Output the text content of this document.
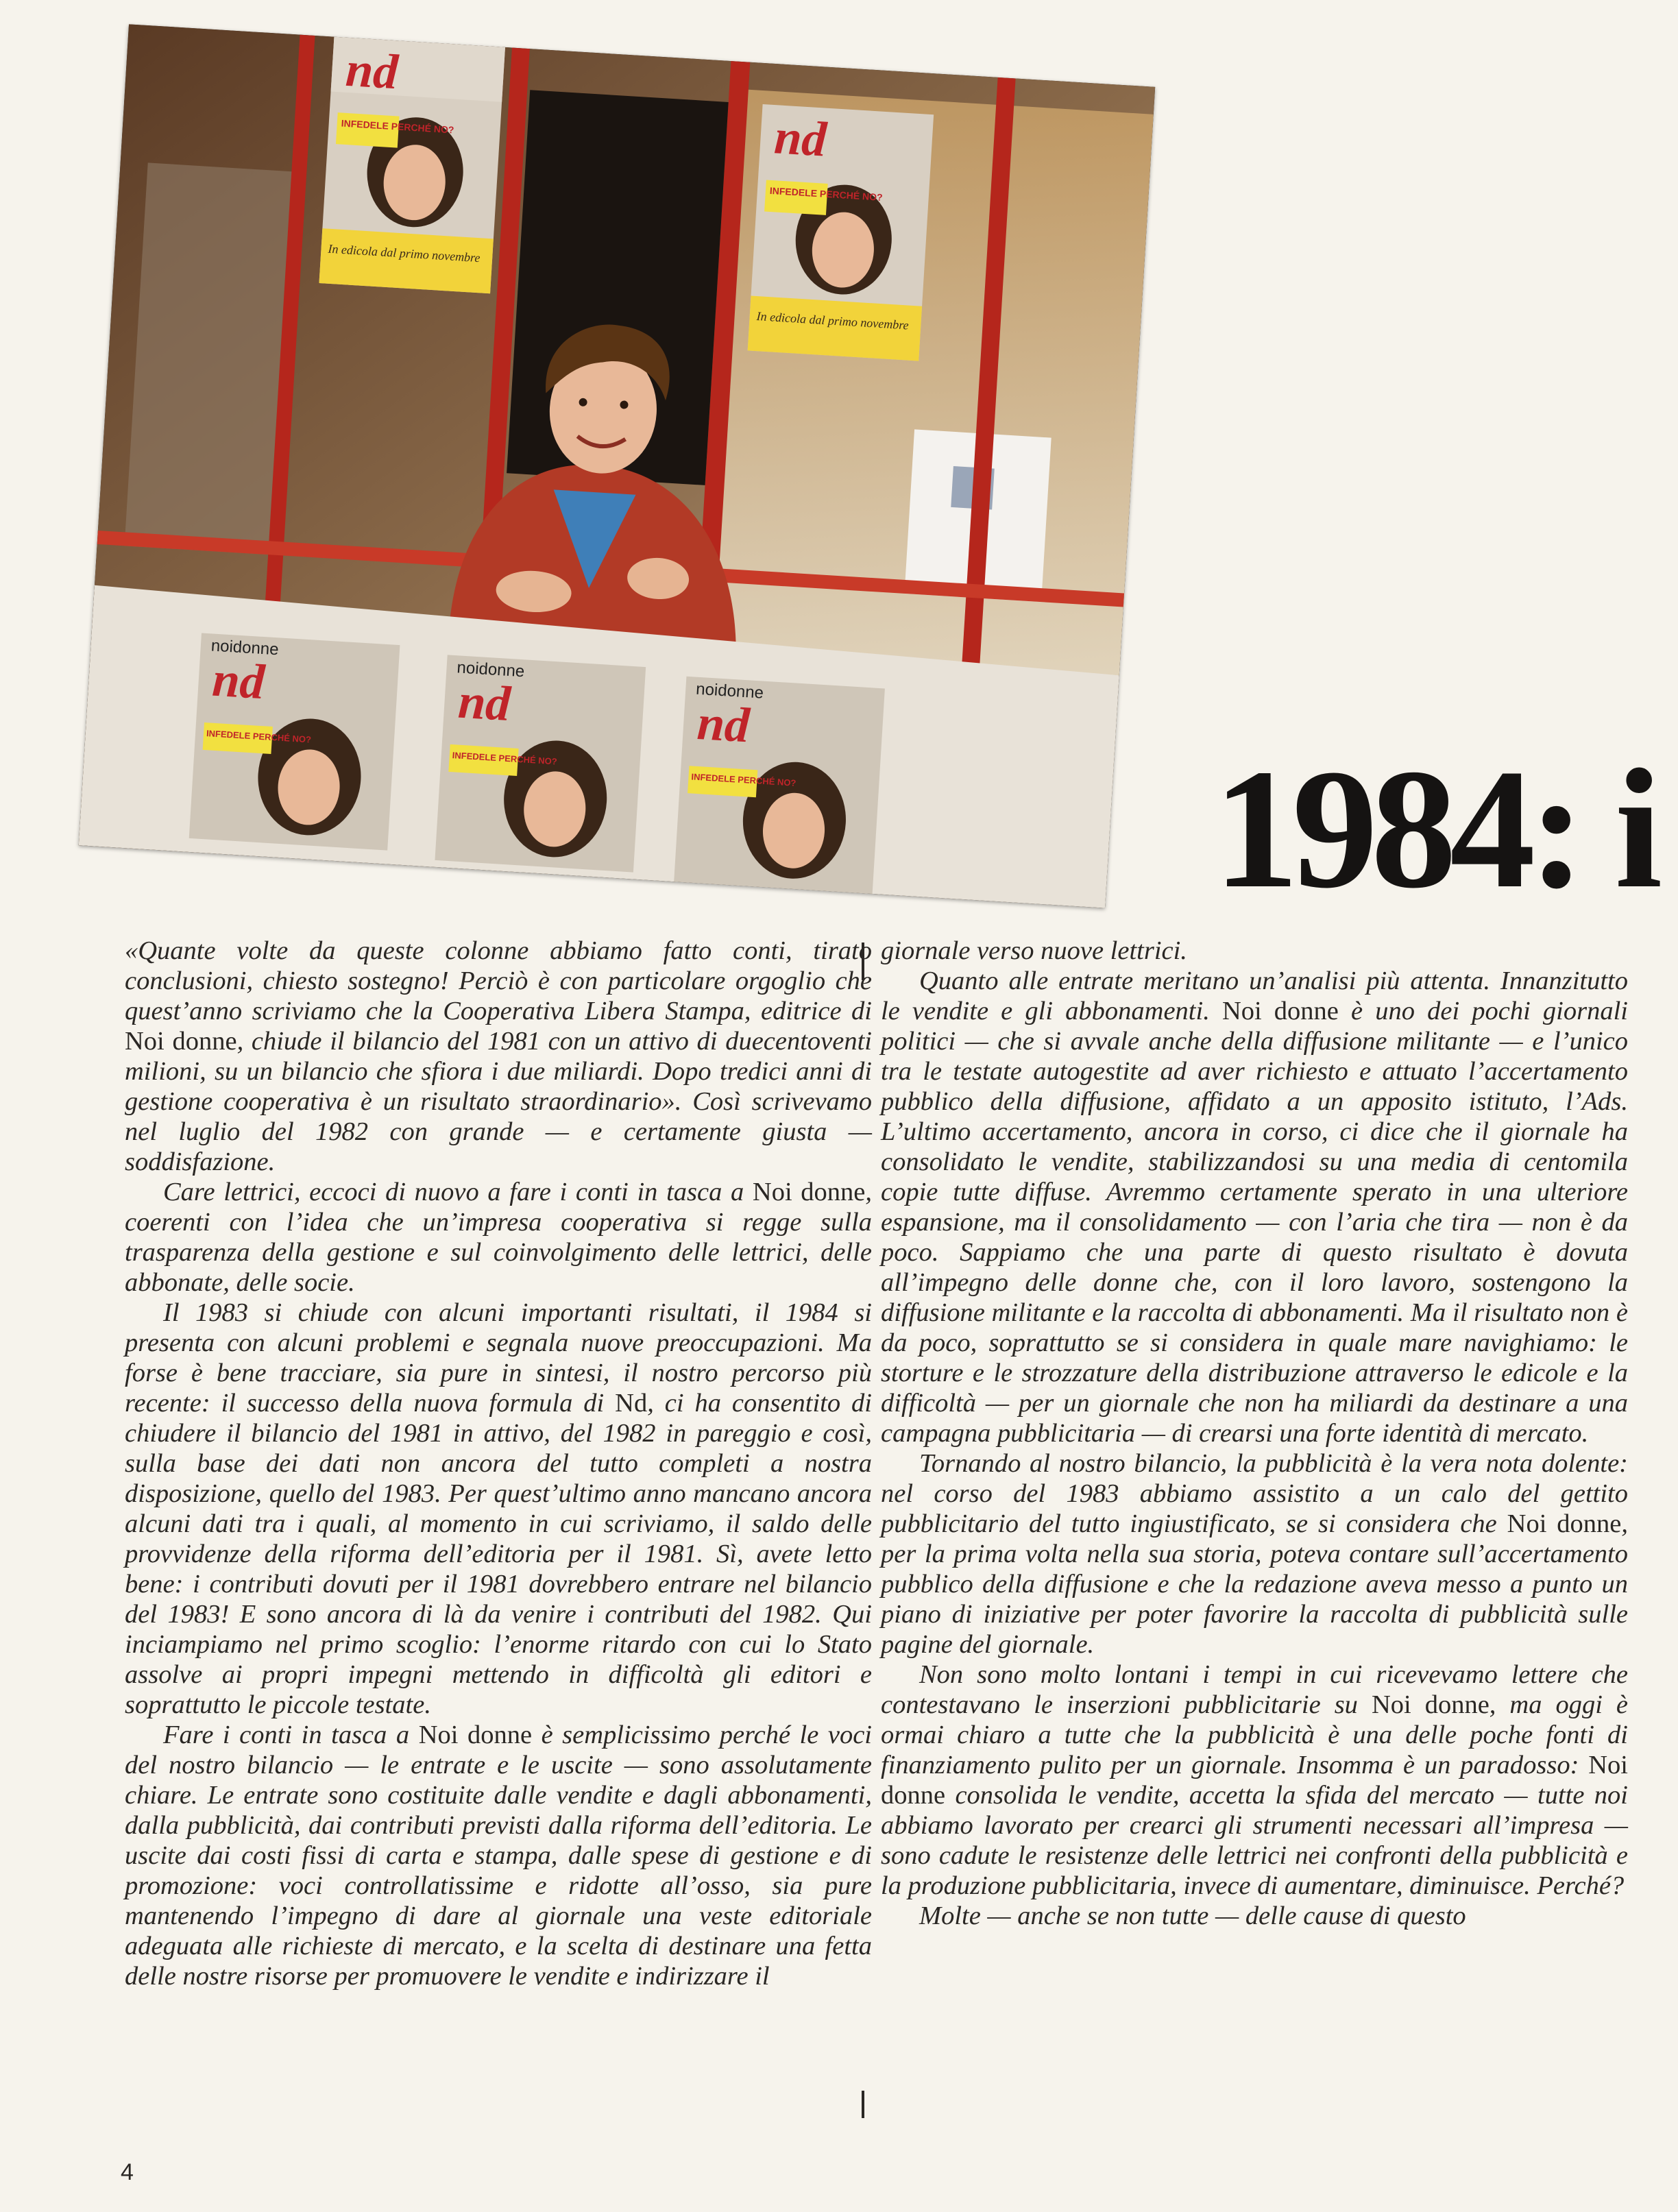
nd
In edicola dal primo novembre
INFEDELE PERCHÉ NO?	nd
In edicola dal primo novembre
INFEDELE PERCHÉ NO?
noidonne
nd
INFEDELE PERCHÉ NO?
noidonne
nd
INFEDELE PERCHÉ NO?
noidonne
nd
INFEDELE PERCHÉ NO? 1984: i

«Quante volte da queste colonne abbiamo fatto conti, tirato conclusioni, chiesto sostegno! Perciò è con particolare orgoglio che quest’anno scriviamo che la Cooperativa Libera Stampa, editrice di Noi donne, chiude il bilancio del 1981 con un attivo di duecentoventi milioni, su un bilancio che sfiora i due miliardi. Dopo tredici anni di gestione cooperativa è un risultato straordinario». Così scrivevamo nel luglio del 1982 con grande — e certamente giusta — soddisfazione.

Care lettrici, eccoci di nuovo a fare i conti in tasca a Noi donne, coerenti con l’idea che un’impresa cooperativa si regge sulla trasparenza della gestione e sul coinvolgimento delle lettrici, delle abbonate, delle socie.

Il 1983 si chiude con alcuni importanti risultati, il 1984 si presenta con alcuni problemi e segnala nuove preoccupazioni. Ma forse è bene tracciare, sia pure in sintesi, il nostro percorso più recente: il successo della nuova formula di Nd, ci ha consentito di chiudere il bilancio del 1981 in attivo, del 1982 in pareggio e così, sulla base dei dati non ancora del tutto completi a nostra disposizione, quello del 1983. Per quest’ultimo anno mancano ancora alcuni dati tra i quali, al momento in cui scriviamo, il saldo delle provvidenze della riforma dell’editoria per il 1981. Sì, avete letto bene: i contributi dovuti per il 1981 dovrebbero entrare nel bilancio del 1983! E sono ancora di là da venire i contributi del 1982. Qui inciampiamo nel primo scoglio: l’enorme ritardo con cui lo Stato assolve ai propri impegni mettendo in difficoltà gli editori e soprattutto le piccole testate.

Fare i conti in tasca a Noi donne è semplicissimo perché le voci del nostro bilancio — le entrate e le uscite — sono assolutamente chiare. Le entrate sono costituite dalle vendite e dagli abbonamenti, dalla pubblicità, dai contributi previsti dalla riforma dell’editoria. Le uscite dai costi fissi di carta e stampa, dalle spese di gestione e di promozione: voci controllatissime e ridotte all’osso, sia pure mantenendo l’impegno di dare al giornale una veste editoriale adeguata alle richieste di mercato, e la scelta di destinare una fetta delle nostre risorse per promuovere le vendite e indirizzare il

giornale verso nuove lettrici.

Quanto alle entrate meritano un’analisi più attenta. Innanzitutto le vendite e gli abbonamenti. Noi donne è uno dei pochi giornali politici — che si avvale anche della diffusione militante — e l’unico tra le testate autogestite ad aver richiesto e attuato l’accertamento pubblico della diffusione, affidato a un apposito istituto, l’Ads. L’ultimo accertamento, ancora in corso, ci dice che il giornale ha consolidato le vendite, stabilizzandosi su una media di centomila copie tutte diffuse. Avremmo certamente sperato in una ulteriore espansione, ma il consolidamento — con l’aria che tira — non è da poco. Sappiamo che una parte di questo risultato è dovuta all’impegno delle donne che, con il loro lavoro, sostengono la diffusione militante e la raccolta di abbonamenti. Ma il risultato non è da poco, soprattutto se si considera in quale mare navighiamo: le storture e le strozzature della distribuzione attraverso le edicole e la difficoltà — per un giornale che non ha miliardi da destinare a una campagna pubblicitaria — di crearsi una forte identità di mercato.

Tornando al nostro bilancio, la pubblicità è la vera nota dolente: nel corso del 1983 abbiamo assistito a un calo del gettito pubblicitario del tutto ingiustificato, se si considera che Noi donne, per la prima volta nella sua storia, poteva contare sull’accertamento pubblico della diffusione e che la redazione aveva messo a punto un piano di iniziative per poter favorire la raccolta di pubblicità sulle pagine del giornale.

Non sono molto lontani i tempi in cui ricevevamo lettere che contestavano le inserzioni pubblicitarie su Noi donne, ma oggi è ormai chiaro a tutte che la pubblicità è una delle poche fonti di finanziamento pulito per un giornale. Insomma è un paradosso: Noi donne consolida le vendite, accetta la sfida del mercato — tutte noi abbiamo lavorato per crearci gli strumenti necessari all’impresa — sono cadute le resistenze delle lettrici nei confronti della pubblicità e la produzione pubblicitaria, invece di aumentare, diminuisce. Perché?

Molte — anche se non tutte — delle cause di questo

4
